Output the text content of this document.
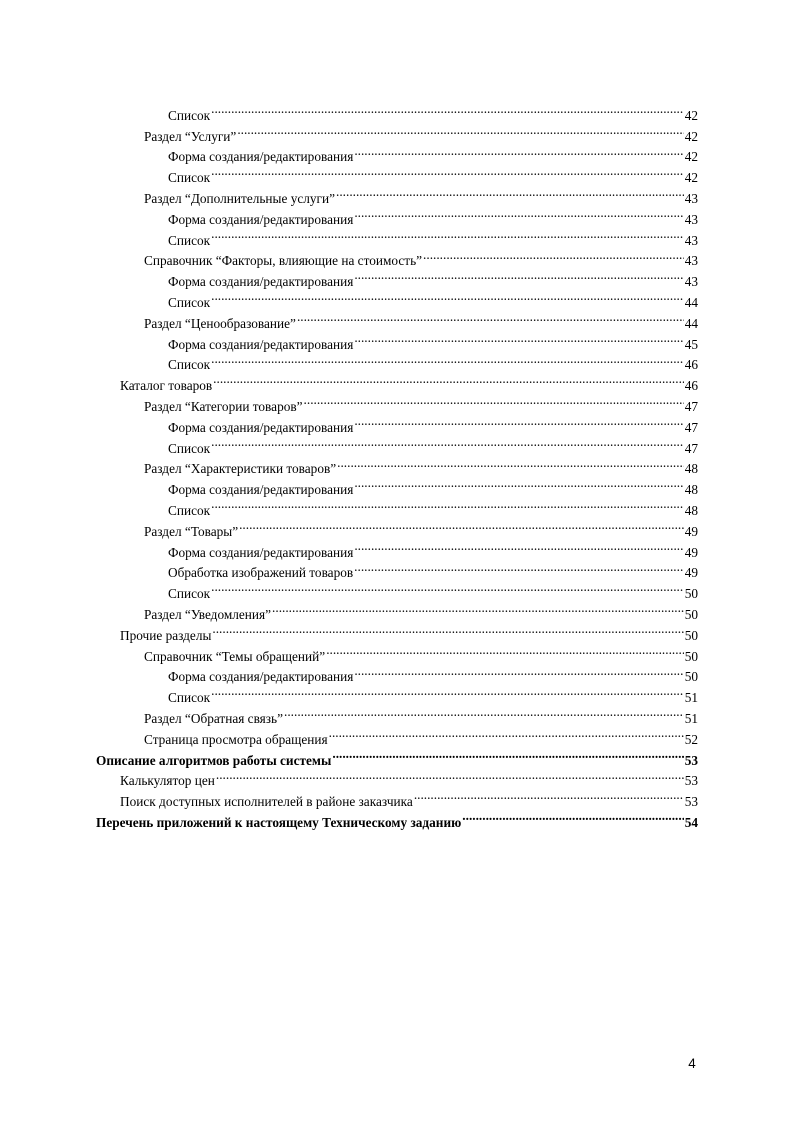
Список .....	42
Раздел “Услуги” .....	42
Форма создания/редактирования .....	42
Список .....	42
Раздел “Дополнительные услуги” .....	43
Форма создания/редактирования .....	43
Список .....	43
Справочник “Факторы, влияющие на стоимость” .....	43
Форма создания/редактирования .....	43
Список .....	44
Раздел “Ценообразование” .....	44
Форма создания/редактирования .....	45
Список .....	46
Каталог товаров .....	46
Раздел “Категории товаров” .....	47
Форма создания/редактирования .....	47
Список .....	47
Раздел “Характеристики товаров” .....	48
Форма создания/редактирования .....	48
Список .....	48
Раздел “Товары” .....	49
Форма создания/редактирования .....	49
Обработка изображений товаров .....	49
Список .....	50
Раздел “Уведомления” .....	50
Прочие разделы .....	50
Справочник “Темы обращений” .....	50
Форма создания/редактирования .....	50
Список .....	51
Раздел “Обратная связь” .....	51
Страница просмотра обращения .....	52
Описание алгоритмов работы системы .....	53
Калькулятор цен .....	53
Поиск доступных исполнителей в районе заказчика .....	53
Перечень приложений к настоящему Техническому заданию .....	54
4
